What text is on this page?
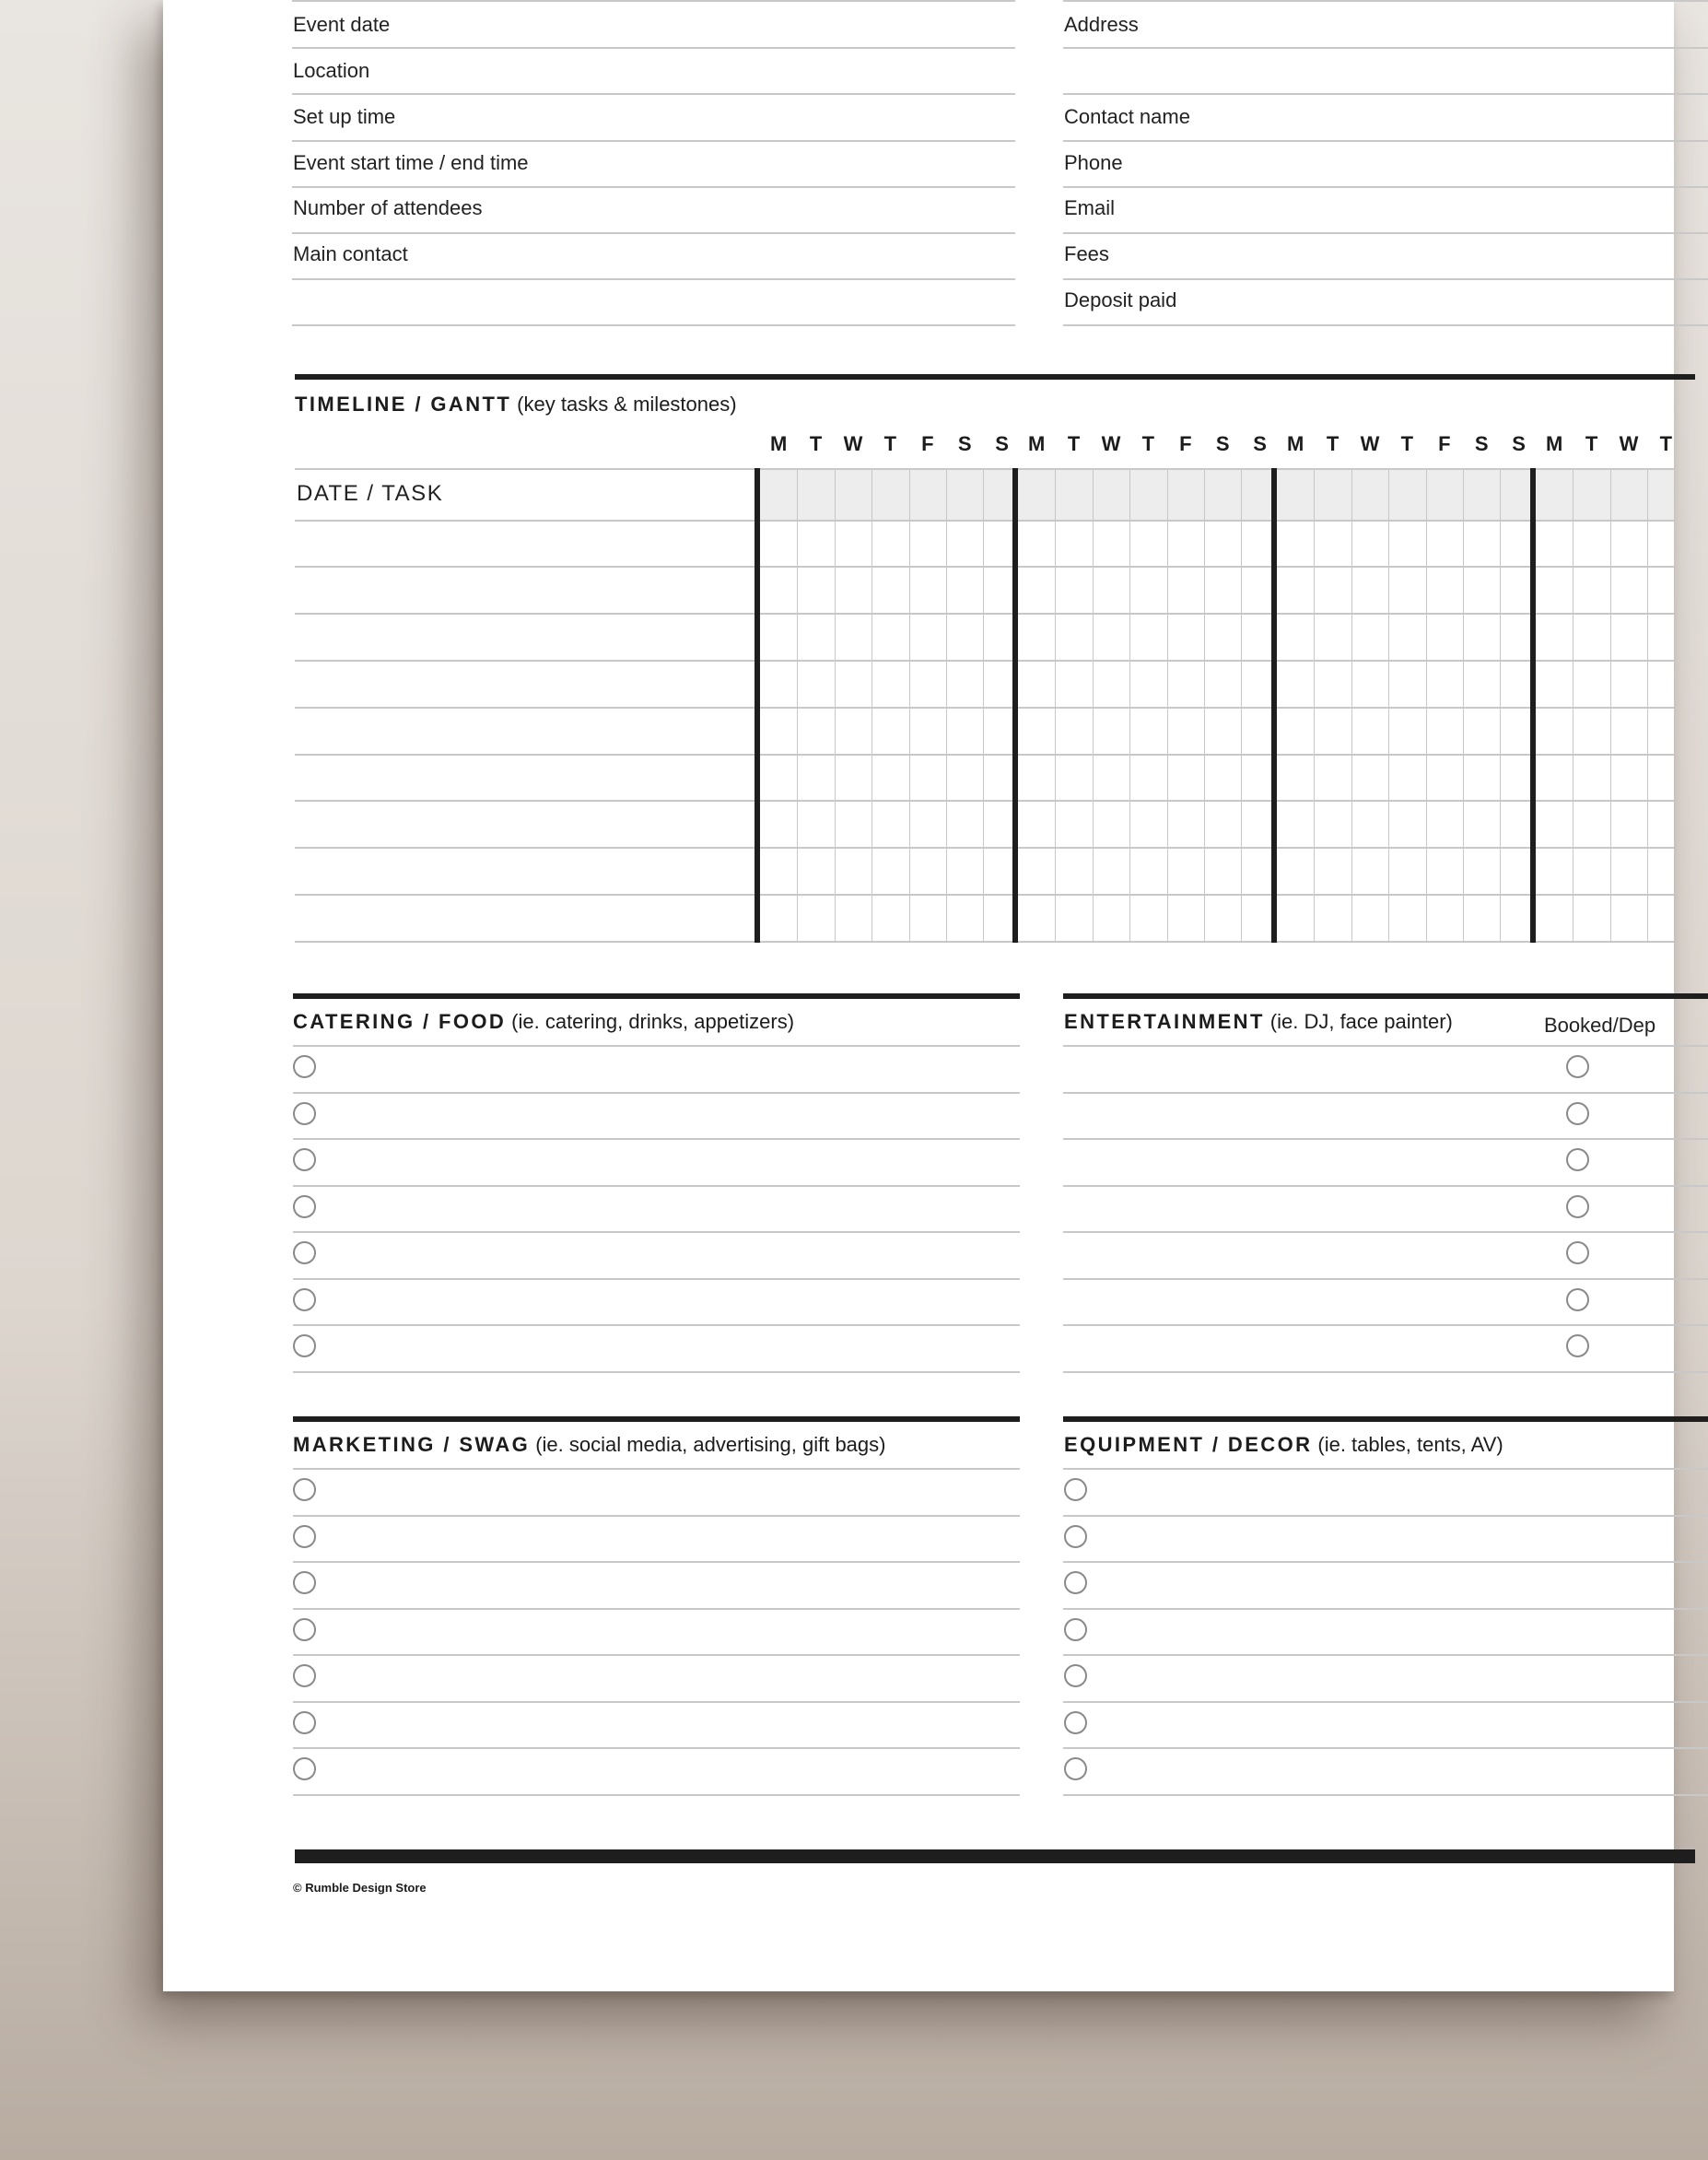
Event date
Location
Set up time
Event start time / end time
Number of attendees
Main contact
Address
Contact name
Phone
Email
Fees
Deposit paid
TIMELINE / GANTT (key tasks & milestones)
DATE / TASK
M	T	W	T	F	S	S M	T	W	T	F	S	S	M	T	W	T	F	S	S	M	T	W	T
CATERING / FOOD (ie. catering, drinks, appetizers)	ENTERTAINMENT (ie. DJ, face painter)	Booked/Dep
MARKETING / SWAG (ie. social media, advertising, gift bags)	EQUIPMENT / DECOR (ie. tables, tents, AV)
© Rumble Design Store
